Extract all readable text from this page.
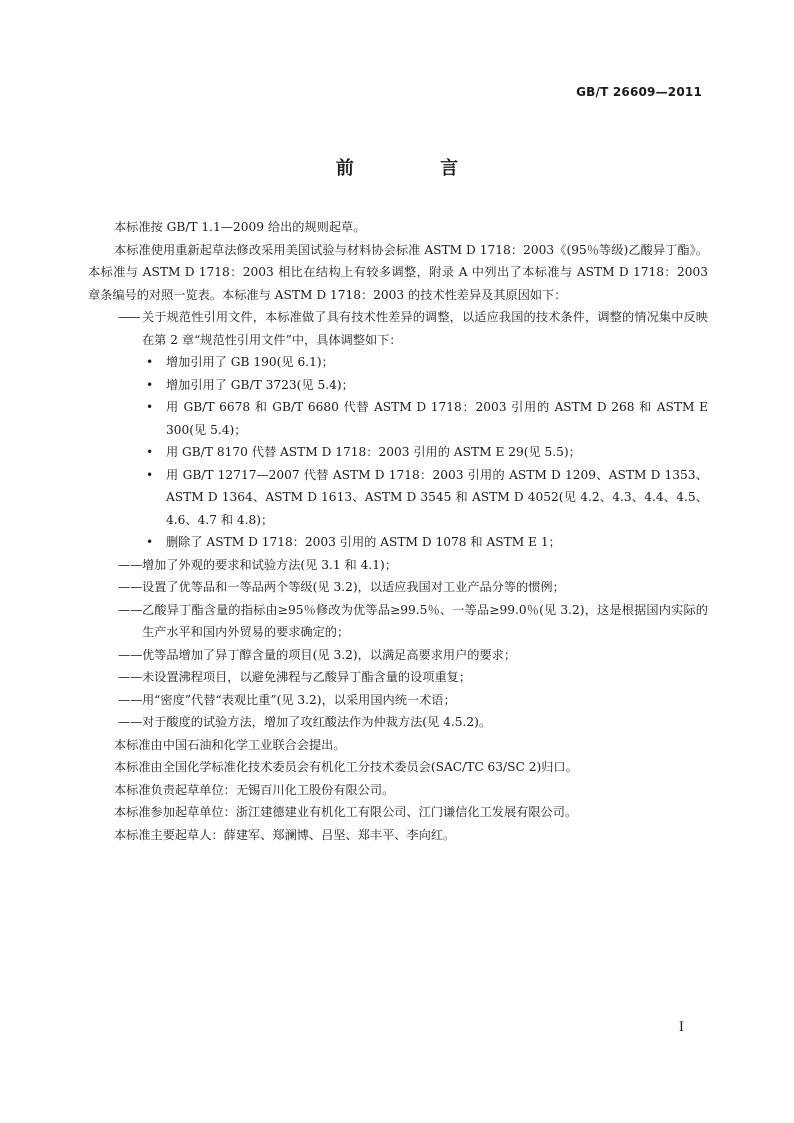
GB/T 26609—2011
前 言

本标准按 GB/T 1.1—2009 给出的规则起草。

本标准使用重新起草法修改采用美国试验与材料协会标准 ASTM D 1718：2003《(95％等级)乙酸异丁酯》。本标准与 ASTM D 1718：2003 相比在结构上有较多调整，附录 A 中列出了本标准与 ASTM D 1718：2003 章条编号的对照一览表。本标准与 ASTM D 1718：2003 的技术性差异及其原因如下：

—— 关于规范性引用文件，本标准做了具有技术性差异的调整，以适应我国的技术条件，调整的情况集中反映在第 2 章“规范性引用文件”中，具体调整如下：

• 增加引用了 GB 190(见 6.1)；

• 增加引用了 GB/T 3723(见 5.4)；

• 用 GB/T 6678 和 GB/T 6680 代替 ASTM D 1718：2003 引用的 ASTM D 268 和 ASTM E 300(见 5.4)；

• 用 GB/T 8170 代替 ASTM D 1718：2003 引用的 ASTM E 29(见 5.5)；

• 用 GB/T 12717—2007 代替 ASTM D 1718：2003 引用的 ASTM D 1209、ASTM D 1353、ASTM D 1364、ASTM D 1613、ASTM D 3545 和 ASTM D 4052(见 4.2、4.3、4.4、4.5、4.6、4.7 和 4.8)；

• 删除了 ASTM D 1718：2003 引用的 ASTM D 1078 和 ASTM E 1；

—— 增加了外观的要求和试验方法(见 3.1 和 4.1)；

—— 设置了优等品和一等品两个等级(见 3.2)，以适应我国对工业产品分等的惯例；

—— 乙酸异丁酯含量的指标由≥95％修改为优等品≥99.5％、一等品≥99.0％(见 3.2)，这是根据国内实际的生产水平和国内外贸易的要求确定的；

—— 优等品增加了异丁醇含量的项目(见 3.2)，以满足高要求用户的要求；

—— 未设置沸程项目，以避免沸程与乙酸异丁酯含量的设项重复；

—— 用“密度”代替“表观比重”(见 3.2)，以采用国内统一术语；

—— 对于酸度的试验方法，增加了攻红酸法作为仲裁方法(见 4.5.2)。

本标准由中国石油和化学工业联合会提出。

本标准由全国化学标准化技术委员会有机化工分技术委员会(SAC/TC 63/SC 2)归口。

本标准负责起草单位：无锡百川化工股份有限公司。

本标准参加起草单位：浙江建德建业有机化工有限公司、江门谦信化工发展有限公司。

本标准主要起草人：薛建军、郑澜博、吕坚、郑丰平、李向红。

I
